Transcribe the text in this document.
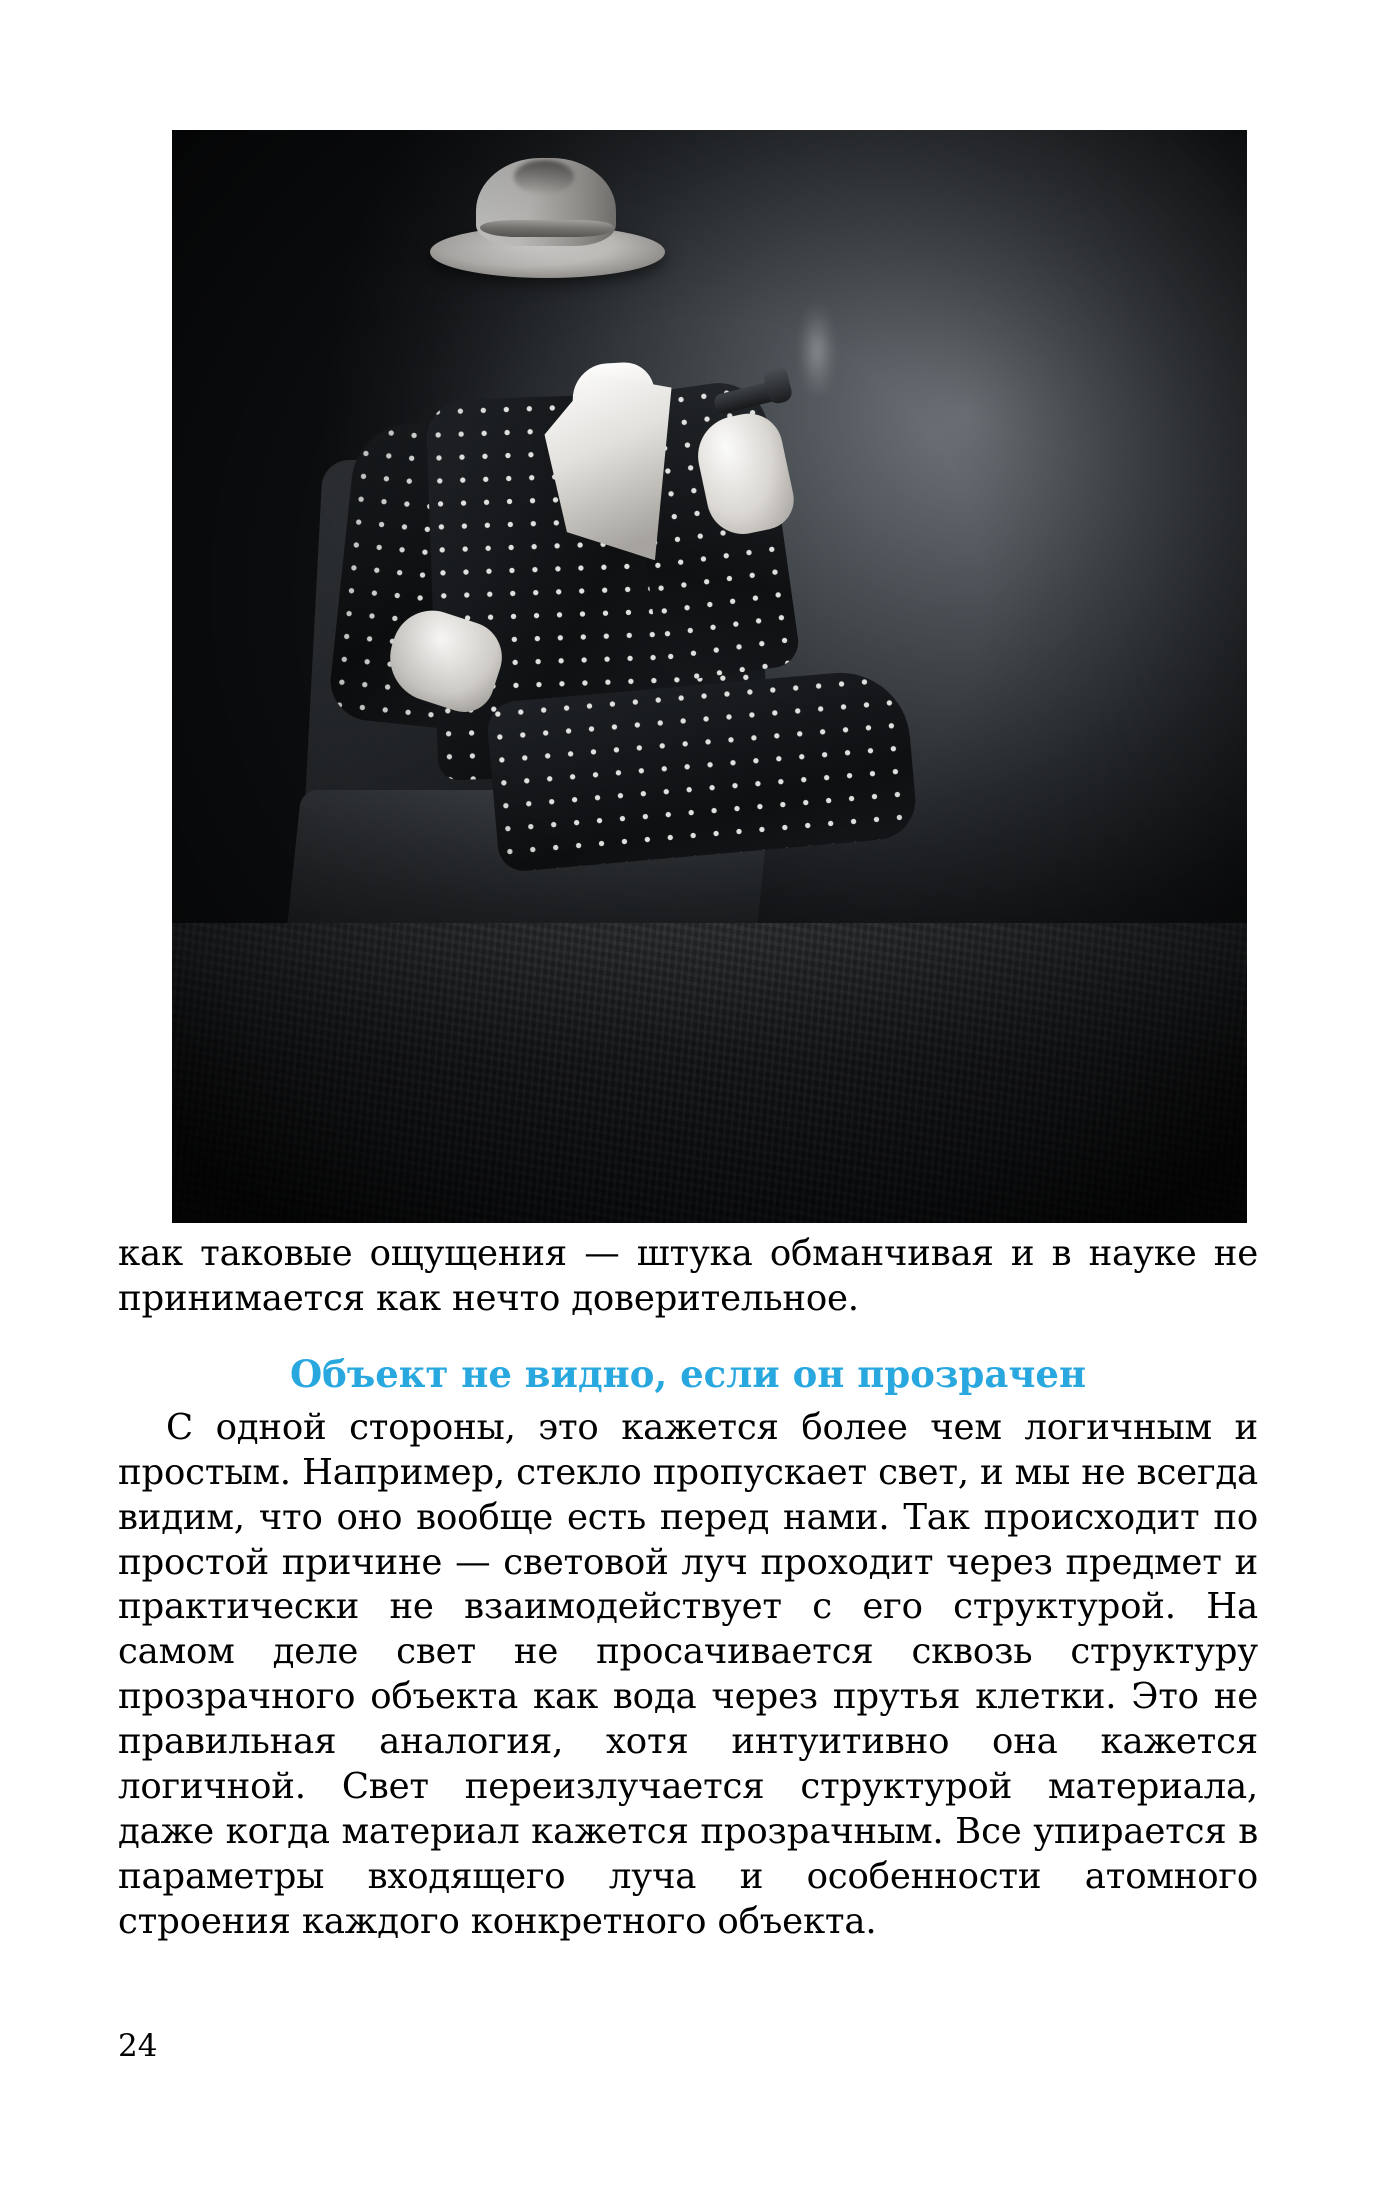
как таковые ощущения — штука обманчивая и в науке не принимается как нечто доверительное.

Объект не видно, если он прозрачен

С одной стороны, это кажется более чем логичным и простым. Например, стекло пропускает свет, и мы не всегда видим, что оно вообще есть перед нами. Так происходит по простой причине — световой луч проходит через предмет и практически не взаимодействует с его структурой. На самом деле свет не просачивается сквозь структуру прозрачного объекта как вода через прутья клетки. Это не правильная аналогия, хотя интуитивно она кажется логичной. Свет переизлучается структурой материала, даже когда материал кажется прозрачным. Все упирается в параметры входящего луча и особенности атомного строения каждого конкретного объекта.

24
